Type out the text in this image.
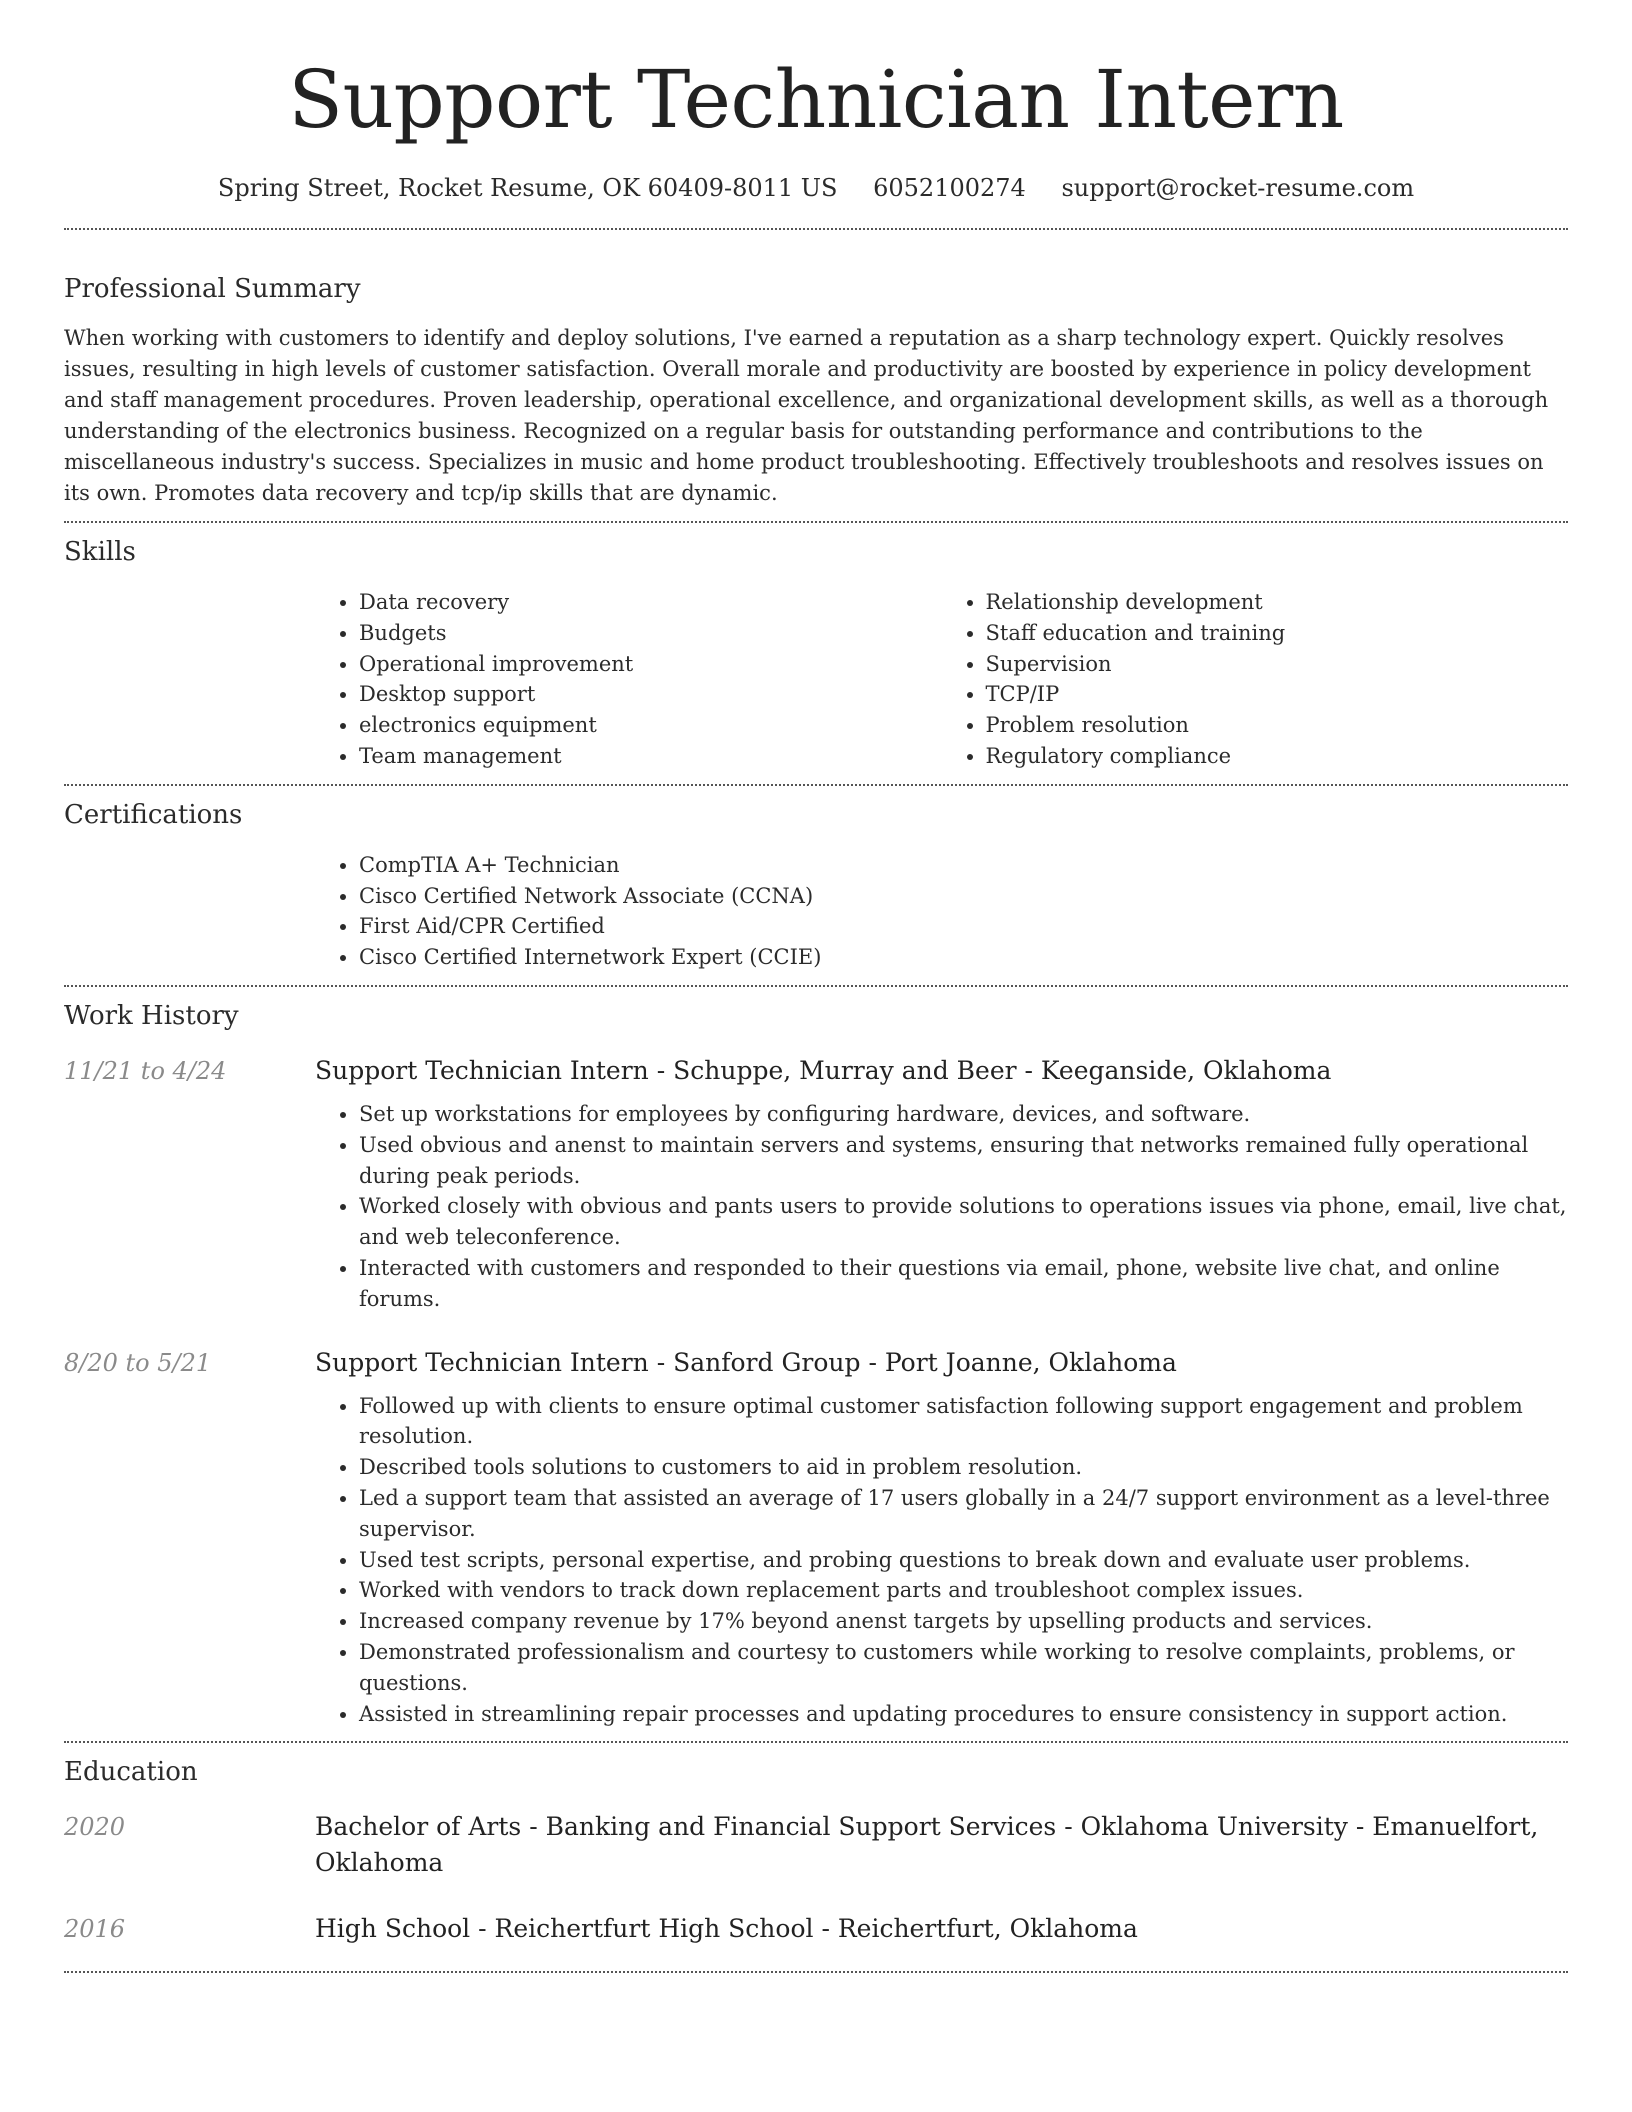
Support Technician Intern
Spring Street, Rocket Resume, OK 60409-8011 US 6052100274 support@rocket-resume.com
Professional Summary

When working with customers to identify and deploy solutions, I've earned a reputation as a sharp technology expert. Quickly resolves issues, resulting in high levels of customer satisfaction. Overall morale and productivity are boosted by experience in policy development and staff management procedures. Proven leadership, operational excellence, and organizational development skills, as well as a thorough understanding of the electronics business. Recognized on a regular basis for outstanding performance and contributions to the miscellaneous industry's success. Specializes in music and home product troubleshooting. Effectively troubleshoots and resolves issues on its own. Promotes data recovery and tcp/ip skills that are dynamic.

Skills
• Data recovery
• Budgets
• Operational improvement
• Desktop support
• electronics equipment
• Team management
• Relationship development
• Staff education and training
• Supervision
• TCP/IP
• Problem resolution
• Regulatory compliance
Certifications
• CompTIA A+ Technician
• Cisco Certified Network Associate (CCNA)
• First Aid/CPR Certified
• Cisco Certified Internetwork Expert (CCIE)
Work History
11/21 to 4/24	Support Technician Intern - Schuppe, Murray and Beer - Keeganside, Oklahoma
• Set up workstations for employees by configuring hardware, devices, and software.
• Used obvious and anenst to maintain servers and systems, ensuring that networks remained fully operational during peak periods.
• Worked closely with obvious and pants users to provide solutions to operations issues via phone, email, live chat, and web teleconference.
• Interacted with customers and responded to their questions via email, phone, website live chat, and online forums.
8/20 to 5/21	Support Technician Intern - Sanford Group - Port Joanne, Oklahoma
• Followed up with clients to ensure optimal customer satisfaction following support engagement and problem resolution.
• Described tools solutions to customers to aid in problem resolution.
• Led a support team that assisted an average of 17 users globally in a 24/7 support environment as a level-three supervisor.
• Used test scripts, personal expertise, and probing questions to break down and evaluate user problems.
• Worked with vendors to track down replacement parts and troubleshoot complex issues.
• Increased company revenue by 17% beyond anenst targets by upselling products and services.
• Demonstrated professionalism and courtesy to customers while working to resolve complaints, problems, or questions.
• Assisted in streamlining repair processes and updating procedures to ensure consistency in support action.
Education
2020	Bachelor of Arts - Banking and Financial Support Services - Oklahoma University - Emanuelfort, Oklahoma
2016	High School - Reichertfurt High School - Reichertfurt, Oklahoma
